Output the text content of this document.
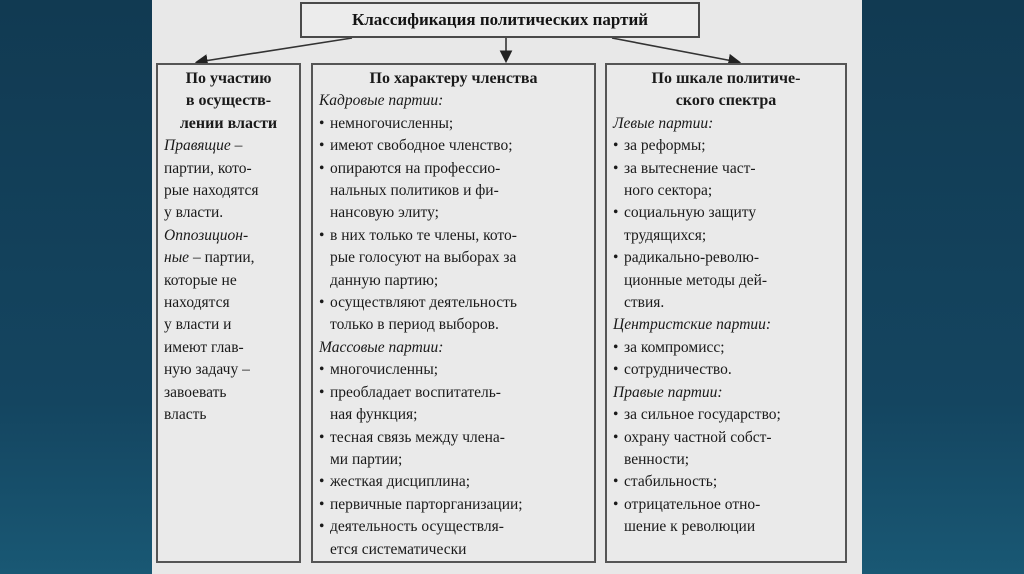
Классификация политических партий
По участию
в осуществ-
лении власти
Правящие –
партии, кото-
рые находятся
у власти.
Оппозицион-
ные – партии,
которые не
находятся
у власти и
имеют глав-
ную задачу –
завоевать
власть
По характеру членства
Кадровые партии:
• немногочисленны;
• имеют свободное членство;
• опираются на профессио-
нальных политиков и фи-
нансовую элиту;
• в них только те члены, кото-
рые голосуют на выборах за
данную партию;
• осуществляют деятельность
только в период выборов.
Массовые партии:
• многочисленны;
• преобладает воспитатель-
ная функция;
• тесная связь между члена-
ми партии;
• жесткая дисциплина;
• первичные парторганизации;
• деятельность осуществля-
ется систематически
По шкале политиче-
ского спектра
Левые партии:
• за реформы;
• за вытеснение част-
ного сектора;
• социальную защиту
трудящихся;
• радикально-револю-
ционные методы дей-
ствия.
Центристские партии:
• за компромисс;
• сотрудничество.
Правые партии:
• за сильное государство;
• охрану частной собст-
венности;
• стабильность;
• отрицательное отно-
шение к революции
